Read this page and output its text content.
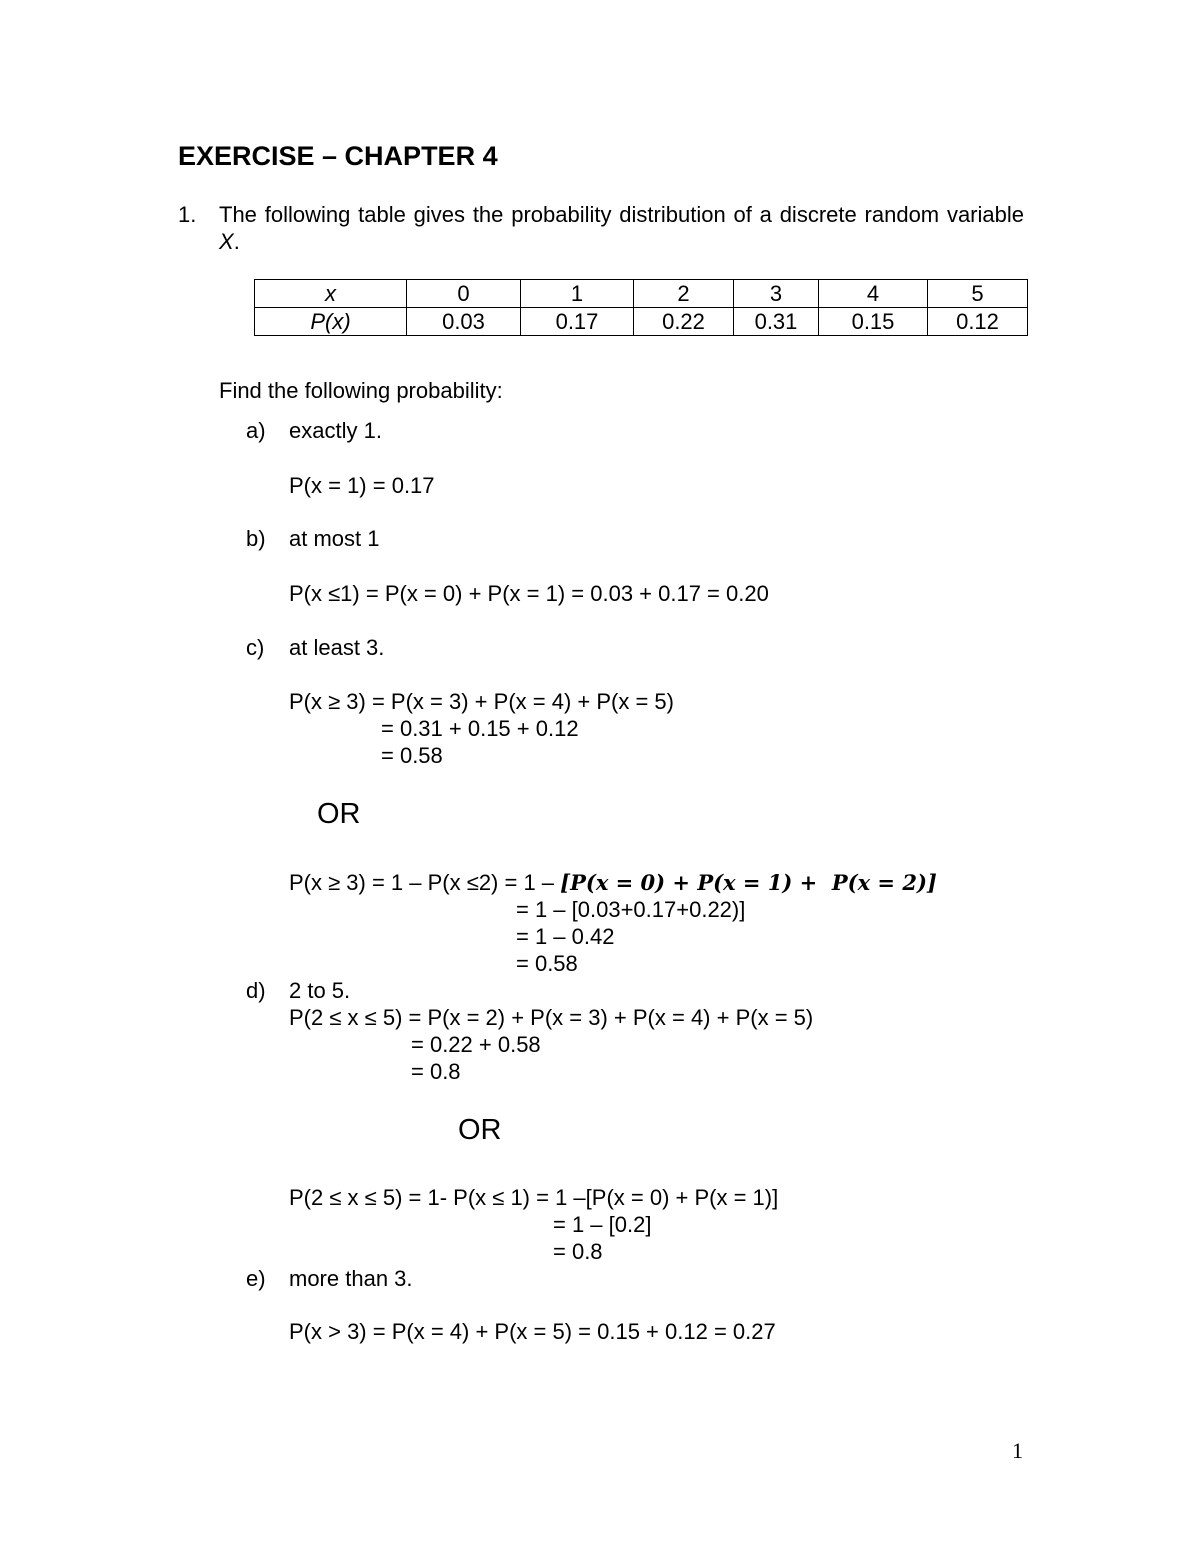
EXERCISE – CHAPTER 4
1. The following table gives the probability distribution of a discrete random variable X.
x	0	1	2	3	4	5
P(x)	0.03	0.17	0.22	0.31	0.15	0.12
Find the following probability:
a) exactly 1.
P(x = 1) = 0.17
b) at most 1
P(x ≤1) = P(x = 0) + P(x = 1) = 0.03 + 0.17 = 0.20
c) at least 3.
P(x ≥ 3) = P(x = 3) + P(x = 4) + P(x = 5)
= 0.31 + 0.15 + 0.12
= 0.58
OR
P(x ≥ 3) = 1 – P(x ≤2) = 1 – [P(x = 0) + P(x = 1) +  P(x = 2)]
= 1 – [0.03+0.17+0.22)]
= 1 – 0.42
= 0.58
d) 2 to 5.
P(2 ≤ x ≤ 5) = P(x = 2) + P(x = 3) + P(x = 4) + P(x = 5)
= 0.22 + 0.58
= 0.8
OR
P(2 ≤ x ≤ 5) = 1- P(x ≤ 1) = 1 –[P(x = 0) + P(x = 1)]
= 1 – [0.2]
= 0.8
e) more than 3.
P(x > 3) = P(x = 4) + P(x = 5) = 0.15 + 0.12 = 0.27
1
